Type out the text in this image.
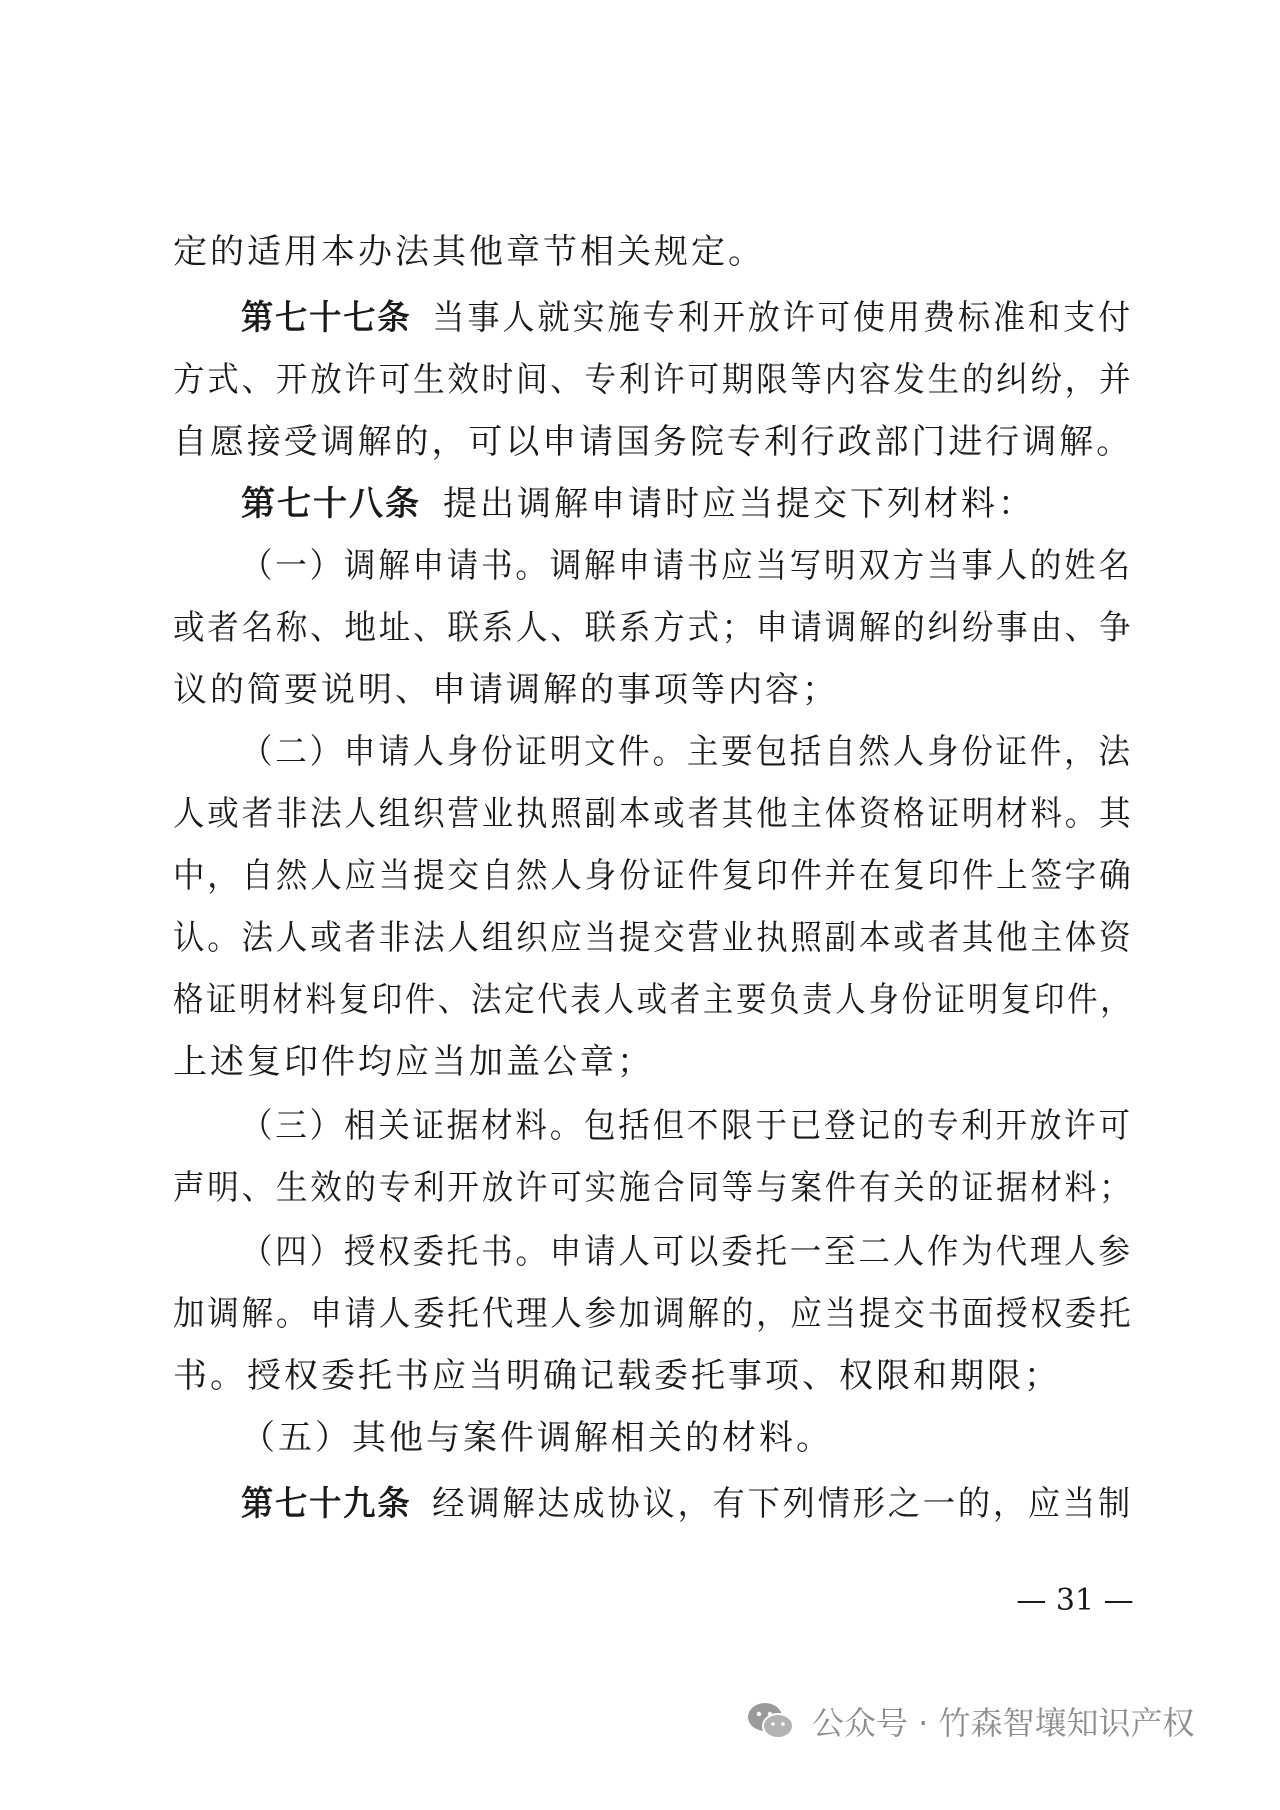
定的适用本办法其他章节相关规定。
第七十七条 当事人就实施专利开放许可使用费标准和支付
方式、开放许可生效时间、专利许可期限等内容发生的纠纷，并
自愿接受调解的，可以申请国务院专利行政部门进行调解。
第七十八条 提出调解申请时应当提交下列材料：
（一）调解申请书。调解申请书应当写明双方当事人的姓名
或者名称、地址、联系人、联系方式；申请调解的纠纷事由、争
议的简要说明、申请调解的事项等内容；
（二）申请人身份证明文件。主要包括自然人身份证件，法
人或者非法人组织营业执照副本或者其他主体资格证明材料。其
中，自然人应当提交自然人身份证件复印件并在复印件上签字确
认。法人或者非法人组织应当提交营业执照副本或者其他主体资
格证明材料复印件、法定代表人或者主要负责人身份证明复印件，
上述复印件均应当加盖公章；
（三）相关证据材料。包括但不限于已登记的专利开放许可
声明、生效的专利开放许可实施合同等与案件有关的证据材料；
（四）授权委托书。申请人可以委托一至二人作为代理人参
加调解。申请人委托代理人参加调解的，应当提交书面授权委托
书。授权委托书应当明确记载委托事项、权限和期限；
（五）其他与案件调解相关的材料。
第七十九条 经调解达成协议，有下列情形之一的，应当制
— 31 —
公众号 · 竹森智壤知识产权
